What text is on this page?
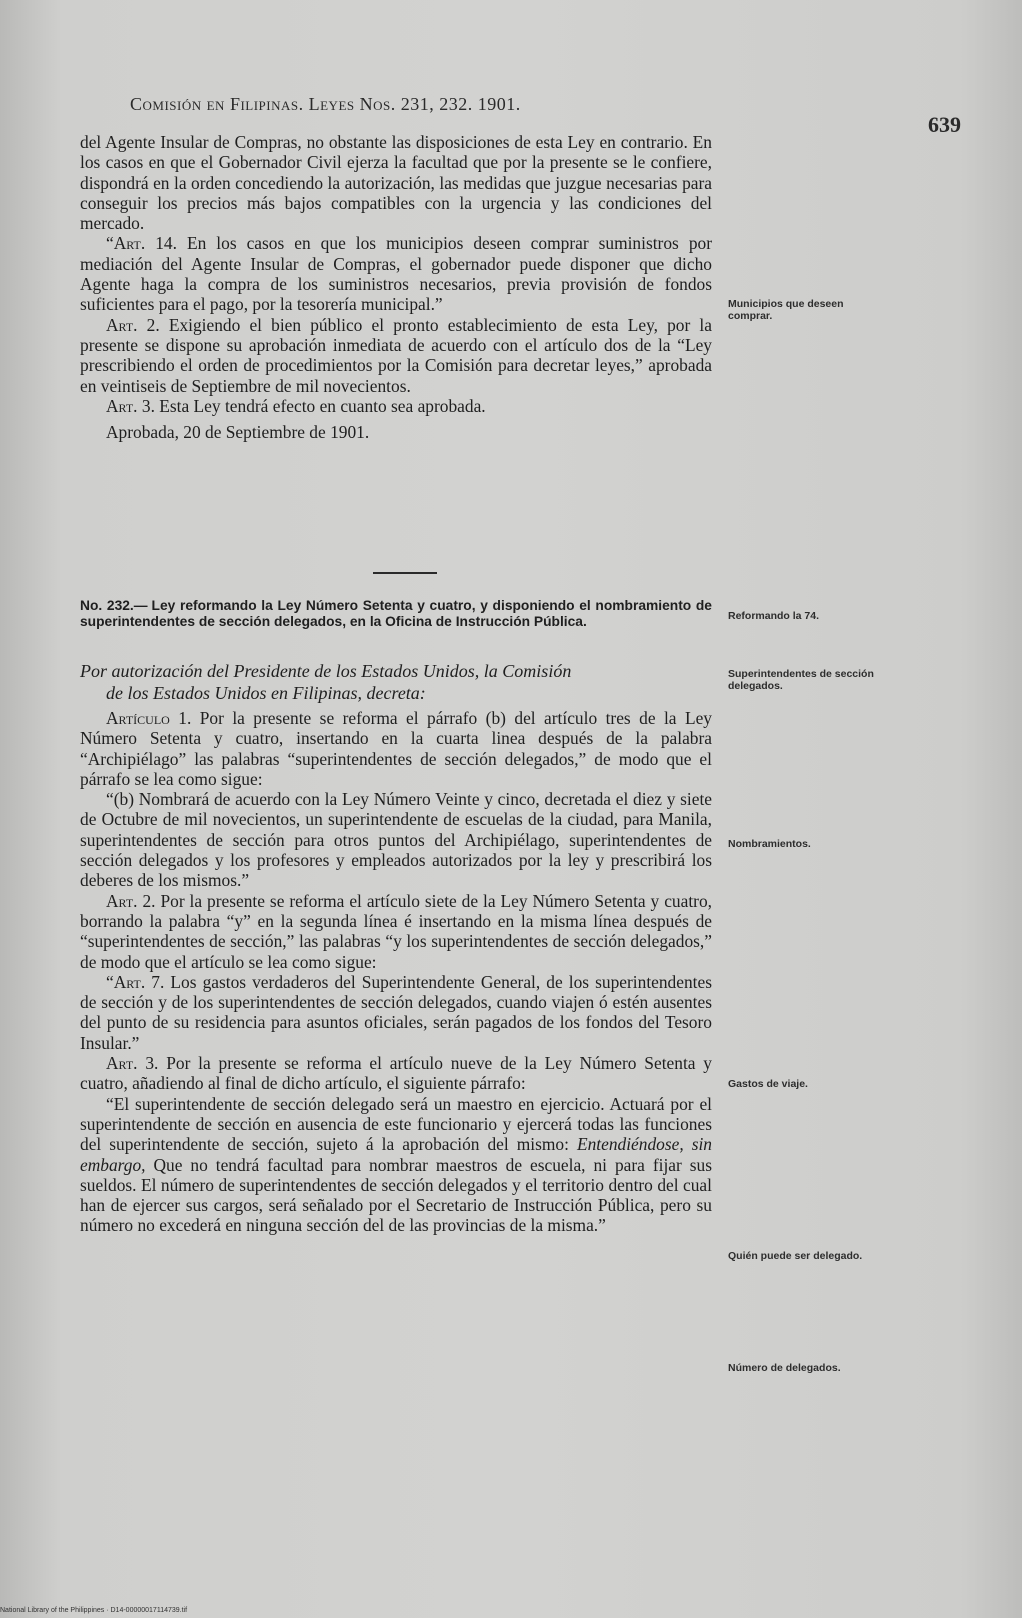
Comisión en Filipinas. Leyes Nos. 231, 232. 1901.
639

del Agente Insular de Compras, no obstante las disposiciones de esta Ley en contrario. En los casos en que el Gobernador Civil ejerza la facultad que por la presente se le confiere, dispondrá en la orden concediendo la autorización, las medidas que juzgue necesarias para conseguir los precios más bajos compatibles con la urgencia y las condiciones del mercado.

“Art. 14. En los casos en que los municipios deseen comprar suministros por mediación del Agente Insular de Compras, el gobernador puede disponer que dicho Agente haga la compra de los suministros necesarios, previa provisión de fondos suficientes para el pago, por la tesorería municipal.”

Art. 2. Exigiendo el bien público el pronto establecimiento de esta Ley, por la presente se dispone su aprobación inmediata de acuerdo con el artículo dos de la “Ley prescribiendo el orden de procedimientos por la Comisión para decretar leyes,” aprobada en veintiseis de Septiembre de mil novecientos.

Art. 3. Esta Ley tendrá efecto en cuanto sea aprobada.

Aprobada, 20 de Septiembre de 1901.

No. 232.— Ley reformando la Ley Número Setenta y cuatro, y disponiendo el nombramiento de superintendentes de sección delegados, en la Oficina de Instrucción Pública.
Por autorización del Presidente de los Estados Unidos, la Comisión
de los Estados Unidos en Filipinas, decreta:

Artículo 1. Por la presente se reforma el párrafo (b) del artículo tres de la Ley Número Setenta y cuatro, insertando en la cuarta linea después de la palabra “Archipiélago” las palabras “superintendentes de sección delegados,” de modo que el párrafo se lea como sigue:

“(b) Nombrará de acuerdo con la Ley Número Veinte y cinco, decretada el diez y siete de Octubre de mil novecientos, un superintendente de escuelas de la ciudad, para Manila, superintendentes de sección para otros puntos del Archipiélago, superintendentes de sección delegados y los profesores y empleados autorizados por la ley y prescribirá los deberes de los mismos.”

Art. 2. Por la presente se reforma el artículo siete de la Ley Número Setenta y cuatro, borrando la palabra “y” en la segunda línea é insertando en la misma línea después de “superintendentes de sección,” las palabras “y los superintendentes de sección delegados,” de modo que el artículo se lea como sigue:

“Art. 7. Los gastos verdaderos del Superintendente General, de los superintendentes de sección y de los superintendentes de sección delegados, cuando viajen ó estén ausentes del punto de su residencia para asuntos oficiales, serán pagados de los fondos del Tesoro Insular.”

Art. 3. Por la presente se reforma el artículo nueve de la Ley Número Setenta y cuatro, añadiendo al final de dicho artículo, el siguiente párrafo:

“El superintendente de sección delegado será un maestro en ejercicio. Actuará por el superintendente de sección en ausencia de este funcionario y ejercerá todas las funciones del superintendente de sección, sujeto á la aprobación del mismo: Entendiéndose, sin embargo, Que no tendrá facultad para nombrar maestros de escuela, ni para fijar sus sueldos. El número de superintendentes de sección delegados y el territorio dentro del cual han de ejercer sus cargos, será señalado por el Secretario de Instrucción Pública, pero su número no excederá en ninguna sección del de las provincias de la misma.”

Municipios que deseen comprar.
Reformando la 74.
Superintendentes de sección delegados.
Nombramientos.
Gastos de viaje.
Quién puede ser delegado.
Número de delegados.
National Library of the Philippines · D14-00000017114739.tif
